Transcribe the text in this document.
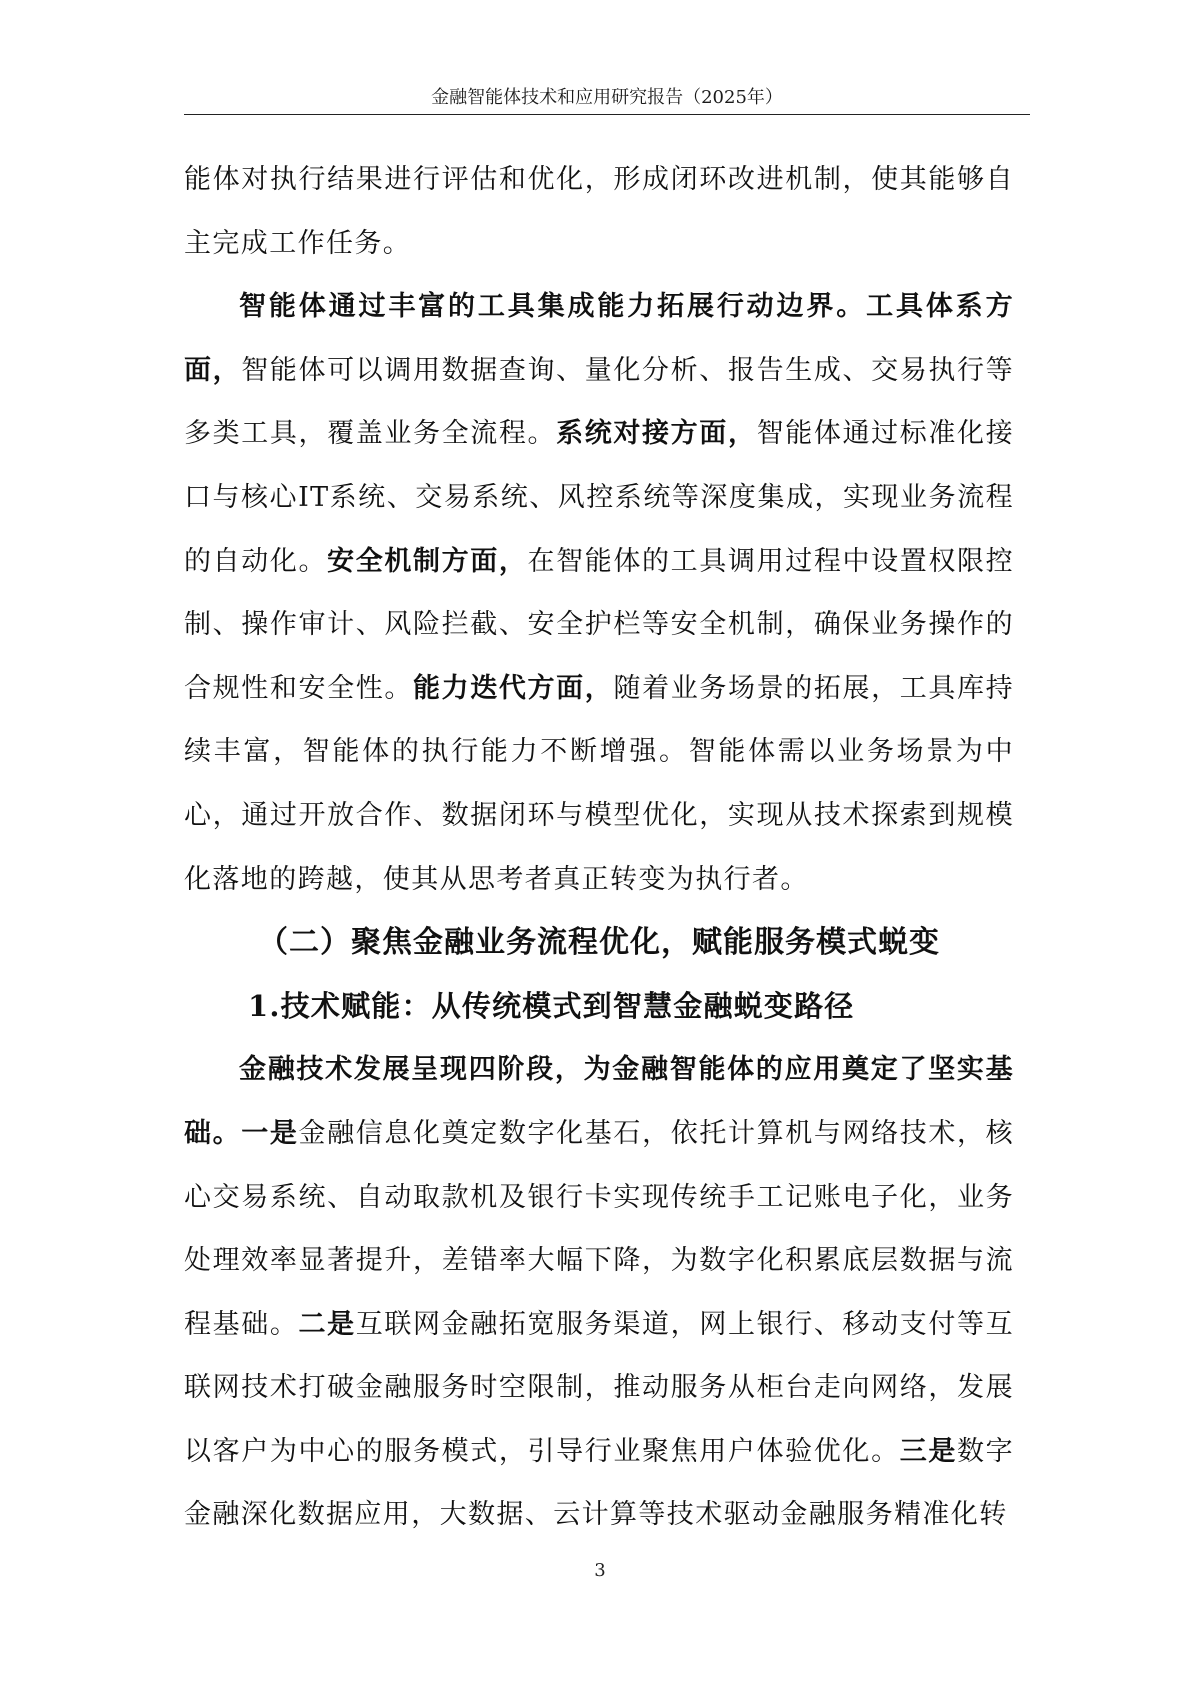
金融智能体技术和应用研究报告（2025年）

能体对执行结果进行评估和优化，形成闭环改进机制，使其能够自主完成工作任务。

智能体通过丰富的工具集成能力拓展行动边界。工具体系方面，智能体可以调用数据查询、量化分析、报告生成、交易执行等多类工具，覆盖业务全流程。系统对接方面，智能体通过标准化接口与核心IT系统、交易系统、风控系统等深度集成，实现业务流程的自动化。安全机制方面，在智能体的工具调用过程中设置权限控制、操作审计、风险拦截、安全护栏等安全机制，确保业务操作的合规性和安全性。能力迭代方面，随着业务场景的拓展，工具库持续丰富，智能体的执行能力不断增强。智能体需以业务场景为中心，通过开放合作、数据闭环与模型优化，实现从技术探索到规模化落地的跨越，使其从思考者真正转变为执行者。

（二）聚焦金融业务流程优化，赋能服务模式蜕变
1.技术赋能：从传统模式到智慧金融蜕变路径

金融技术发展呈现四阶段，为金融智能体的应用奠定了坚实基础。一是金融信息化奠定数字化基石，依托计算机与网络技术，核心交易系统、自动取款机及银行卡实现传统手工记账电子化，业务处理效率显著提升，差错率大幅下降，为数字化积累底层数据与流程基础。二是互联网金融拓宽服务渠道，网上银行、移动支付等互联网技术打破金融服务时空限制，推动服务从柜台走向网络，发展以客户为中心的服务模式，引导行业聚焦用户体验优化。三是数字金融深化数据应用，大数据、云计算等技术驱动金融服务精准化转

3
